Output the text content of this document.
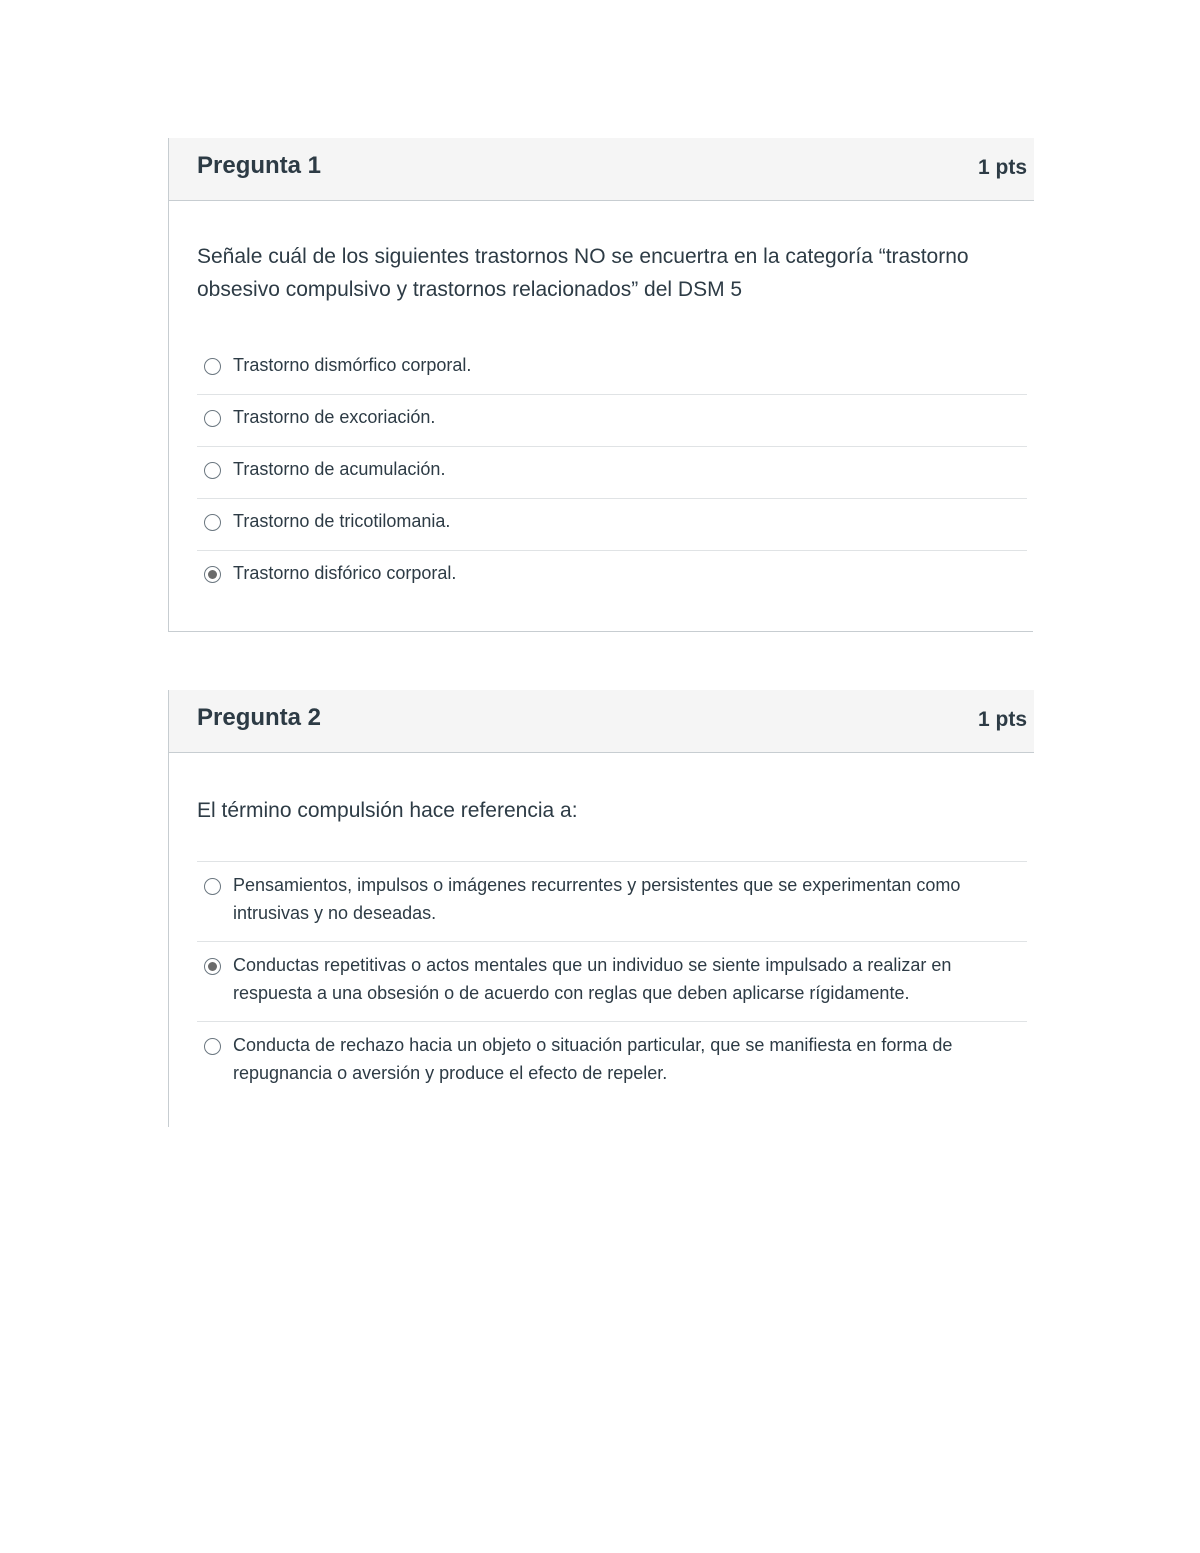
Pregunta 1	1 pts
Señale cuál de los siguientes trastornos NO se encuertra en la categoría “trastorno obsesivo compulsivo y trastornos relacionados” del DSM 5
Trastorno dismórfico corporal.
Trastorno de excoriación.
Trastorno de acumulación.
Trastorno de tricotilomania.
Trastorno disfórico corporal.
Pregunta 2	1 pts
El término compulsión hace referencia a:
Pensamientos, impulsos o imágenes recurrentes y persistentes que se experimentan como intrusivas y no deseadas.
Conductas repetitivas o actos mentales que un individuo se siente impulsado a realizar en respuesta a una obsesión o de acuerdo con reglas que deben aplicarse rígidamente.
Conducta de rechazo hacia un objeto o situación particular, que se manifiesta en forma de repugnancia o aversión y produce el efecto de repeler.
